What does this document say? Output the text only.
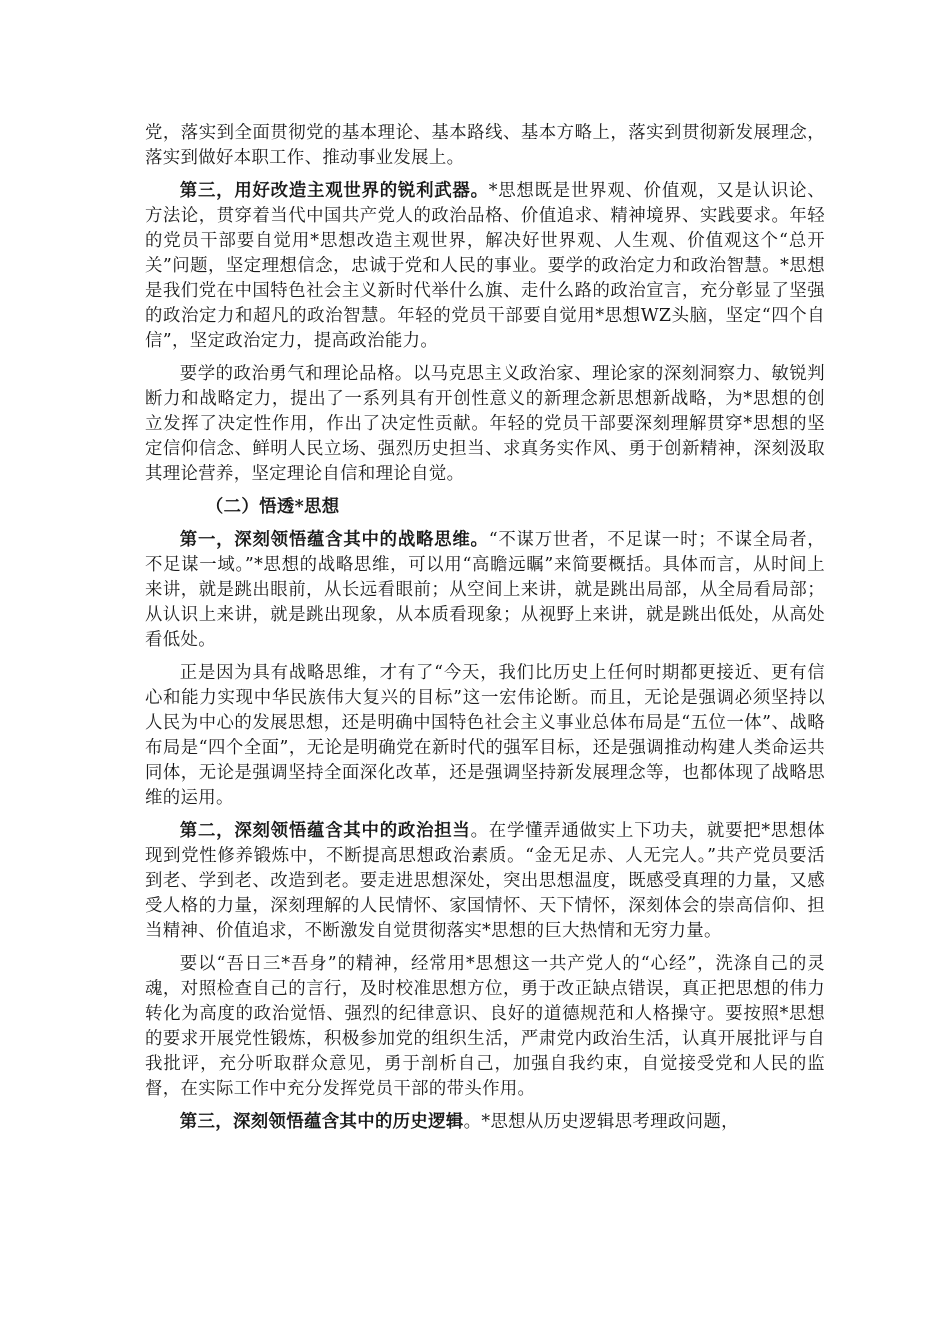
党，落实到全面贯彻党的基本理论、基本路线、基本方略上，落实到贯彻新发展理念，落实到做好本职工作、推动事业发展上。

第三，用好改造主观世界的锐利武器。*思想既是世界观、价值观，又是认识论、方法论，贯穿着当代中国共产党人的政治品格、价值追求、精神境界、实践要求。年轻的党员干部要自觉用*思想改造主观世界，解决好世界观、人生观、价值观这个“总开关”问题，坚定理想信念，忠诚于党和人民的事业。要学的政治定力和政治智慧。*思想是我们党在中国特色社会主义新时代举什么旗、走什么路的政治宣言，充分彰显了坚强的政治定力和超凡的政治智慧。年轻的党员干部要自觉用*思想WZ头脑，坚定“四个自信”，坚定政治定力，提高政治能力。

要学的政治勇气和理论品格。以马克思主义政治家、理论家的深刻洞察力、敏锐判断力和战略定力，提出了一系列具有开创性意义的新理念新思想新战略，为*思想的创立发挥了决定性作用，作出了决定性贡献。年轻的党员干部要深刻理解贯穿*思想的坚定信仰信念、鲜明人民立场、强烈历史担当、求真务实作风、勇于创新精神，深刻汲取其理论营养，坚定理论自信和理论自觉。

（二）悟透*思想

第一，深刻领悟蕴含其中的战略思维。“不谋万世者，不足谋一时；不谋全局者，不足谋一域。”*思想的战略思维，可以用“高瞻远瞩”来简要概括。具体而言，从时间上来讲，就是跳出眼前，从长远看眼前；从空间上来讲，就是跳出局部，从全局看局部；从认识上来讲，就是跳出现象，从本质看现象；从视野上来讲，就是跳出低处，从高处看低处。

正是因为具有战略思维，才有了“今天，我们比历史上任何时期都更接近、更有信心和能力实现中华民族伟大复兴的目标”这一宏伟论断。而且，无论是强调必须坚持以人民为中心的发展思想，还是明确中国特色社会主义事业总体布局是“五位一体”、战略布局是“四个全面”，无论是明确党在新时代的强军目标，还是强调推动构建人类命运共同体，无论是强调坚持全面深化改革，还是强调坚持新发展理念等，也都体现了战略思维的运用。

第二，深刻领悟蕴含其中的政治担当。在学懂弄通做实上下功夫，就要把*思想体现到党性修养锻炼中，不断提高思想政治素质。“金无足赤、人无完人。”共产党员要活到老、学到老、改造到老。要走进思想深处，突出思想温度，既感受真理的力量，又感受人格的力量，深刻理解的人民情怀、家国情怀、天下情怀，深刻体会的崇高信仰、担当精神、价值追求，不断激发自觉贯彻落实*思想的巨大热情和无穷力量。

要以“吾日三*吾身”的精神，经常用*思想这一共产党人的“心经”，洗涤自己的灵魂，对照检查自己的言行，及时校准思想方位，勇于改正缺点错误，真正把思想的伟力转化为高度的政治觉悟、强烈的纪律意识、良好的道德规范和人格操守。要按照*思想的要求开展党性锻炼，积极参加党的组织生活，严肃党内政治生活，认真开展批评与自我批评，充分听取群众意见，勇于剖析自己，加强自我约束，自觉接受党和人民的监督，在实际工作中充分发挥党员干部的带头作用。

第三，深刻领悟蕴含其中的历史逻辑。*思想从历史逻辑思考理政问题，
